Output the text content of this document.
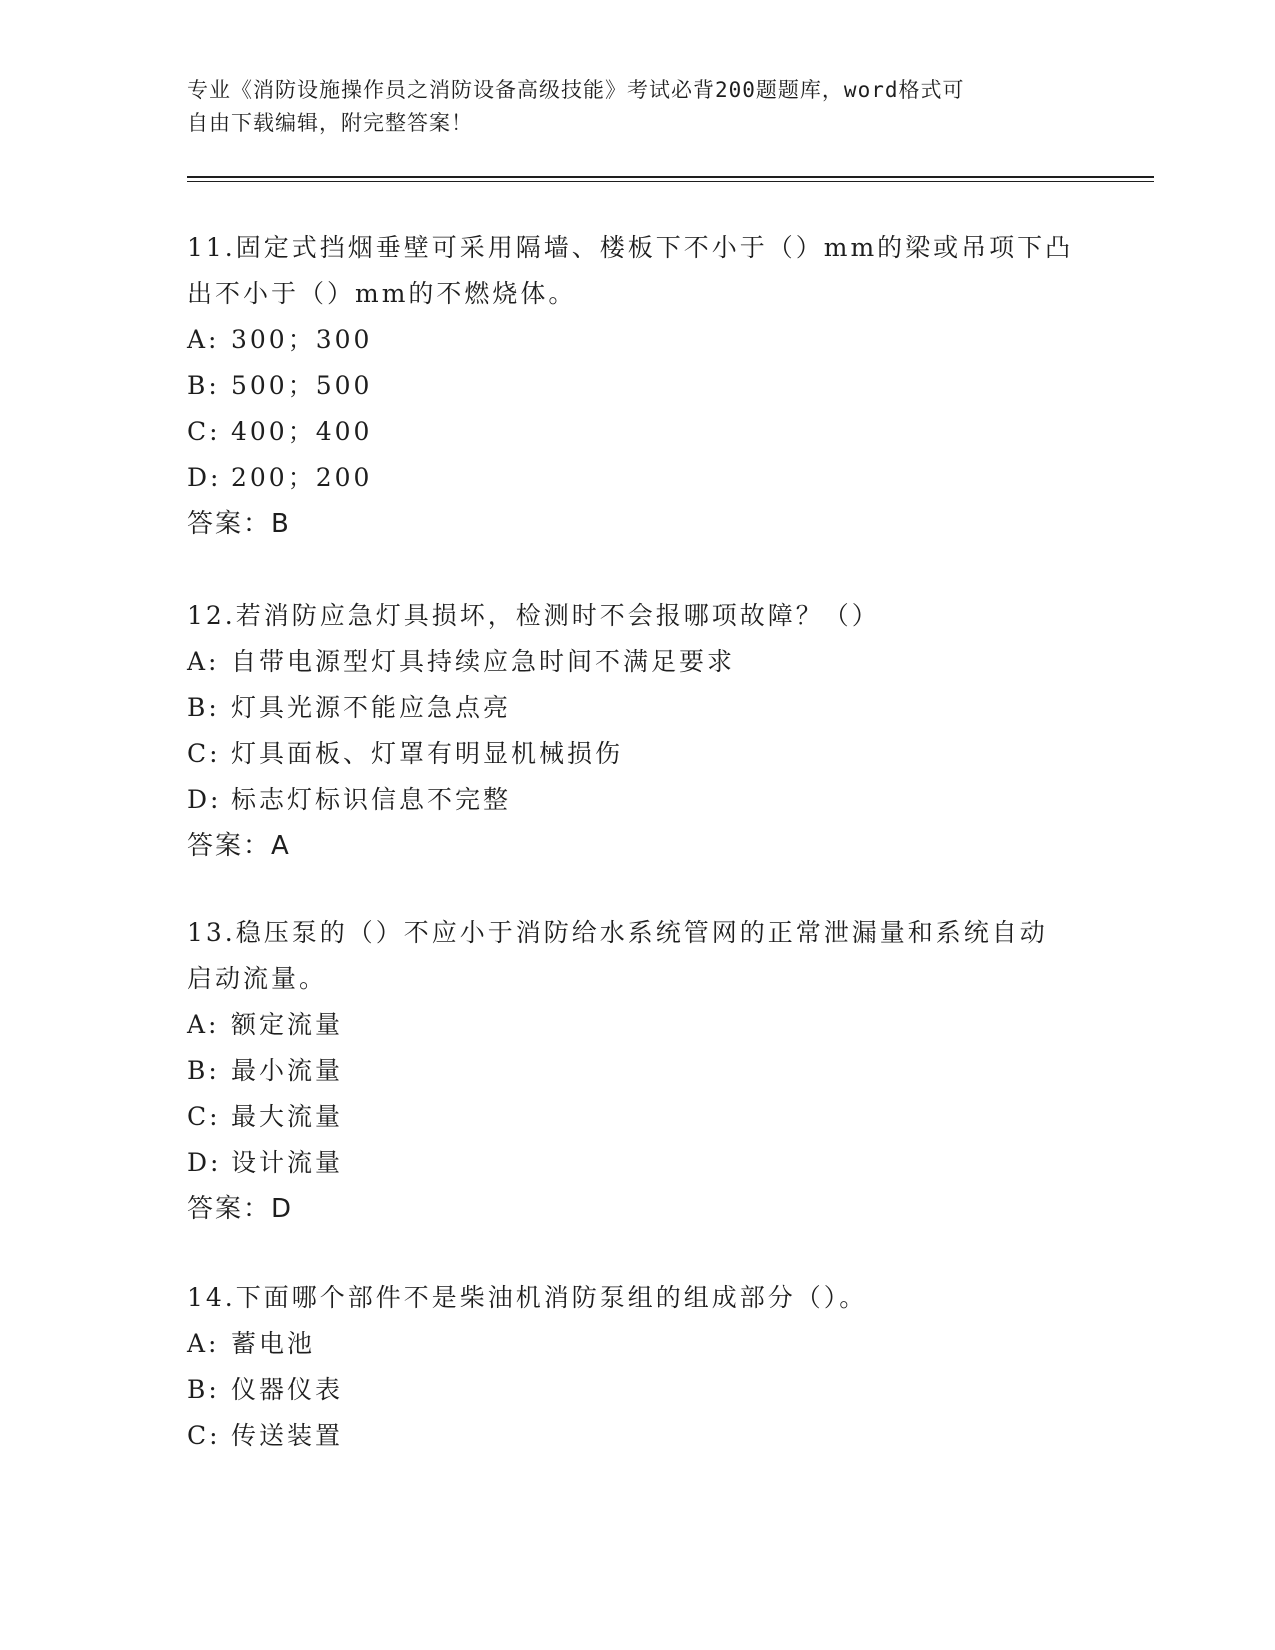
专业《消防设施操作员之消防设备高级技能》考试必背200题题库，word格式可
自由下载编辑，附完整答案！
11.固定式挡烟垂壁可采用隔墙、楼板下不小于（）mm的梁或吊项下凸
出不小于（）mm的不燃烧体。
A: 300；300
B: 500；500
C: 400；400
D: 200；200
答案：B
12.若消防应急灯具损坏，检测时不会报哪项故障？（）
A: 自带电源型灯具持续应急时间不满足要求
B: 灯具光源不能应急点亮
C: 灯具面板、灯罩有明显机械损伤
D: 标志灯标识信息不完整
答案：A
13.稳压泵的（）不应小于消防给水系统管网的正常泄漏量和系统自动
启动流量。
A: 额定流量
B: 最小流量
C: 最大流量
D: 设计流量
答案：D
14.下面哪个部件不是柴油机消防泵组的组成部分（）。
A: 蓄电池
B: 仪器仪表
C: 传送装置
